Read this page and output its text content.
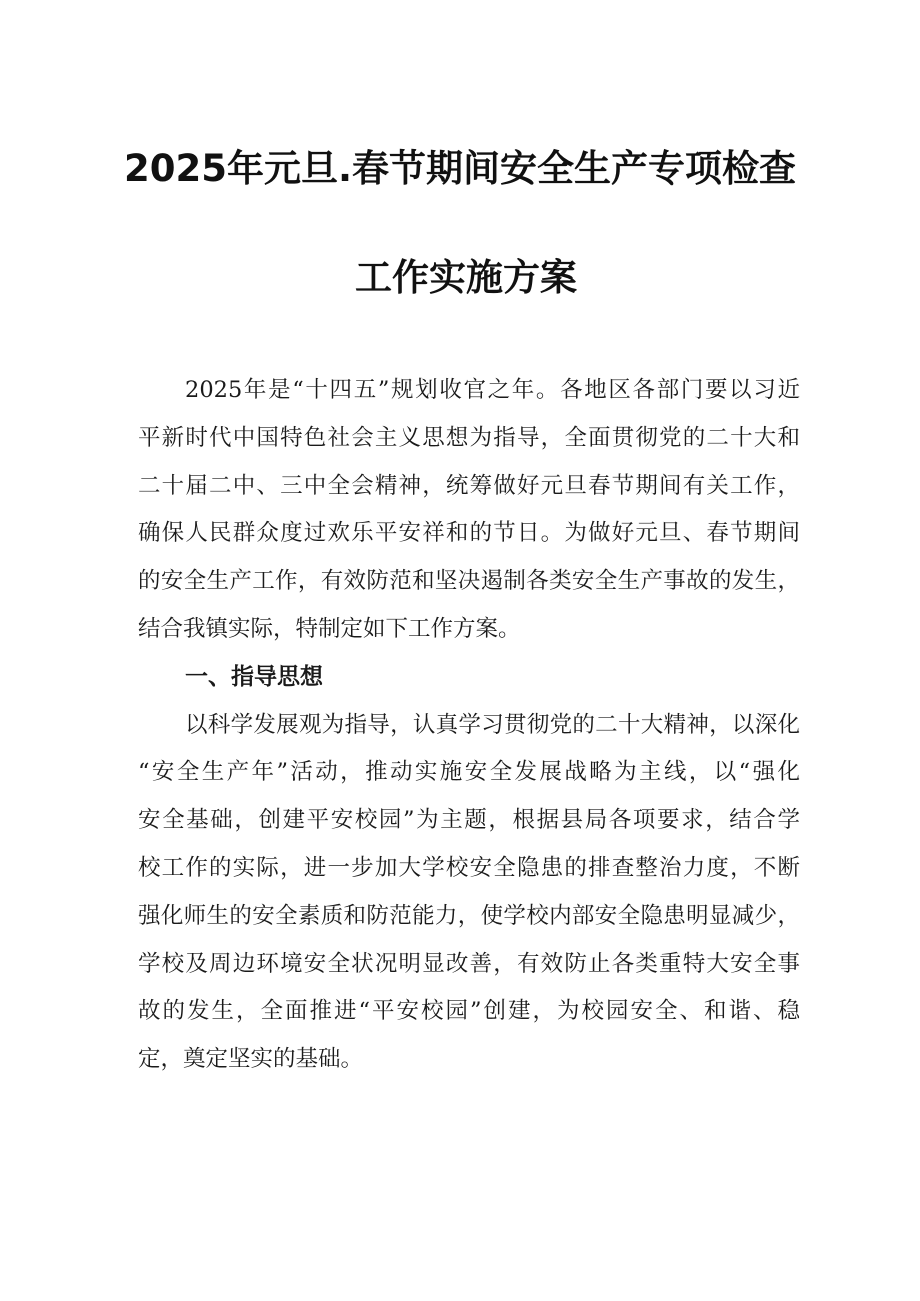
2025年元旦.春节期间安全生产专项检查
工作实施方案
2025年是“十四五”规划收官之年。各地区各部门要以习近
平新时代中国特色社会主义思想为指导，全面贯彻党的二十大和
二十届二中、三中全会精神，统筹做好元旦春节期间有关工作，
确保人民群众度过欢乐平安祥和的节日。为做好元旦、春节期间
的安全生产工作，有效防范和坚决遏制各类安全生产事故的发生，
结合我镇实际，特制定如下工作方案。
一、指导思想
以科学发展观为指导，认真学习贯彻党的二十大精神，以深化
“安全生产年”活动，推动实施安全发展战略为主线，以“强化
安全基础，创建平安校园”为主题，根据县局各项要求，结合学
校工作的实际，进一步加大学校安全隐患的排查整治力度，不断
强化师生的安全素质和防范能力，使学校内部安全隐患明显减少，
学校及周边环境安全状况明显改善，有效防止各类重特大安全事
故的发生，全面推进“平安校园”创建，为校园安全、和谐、稳
定，奠定坚实的基础。
